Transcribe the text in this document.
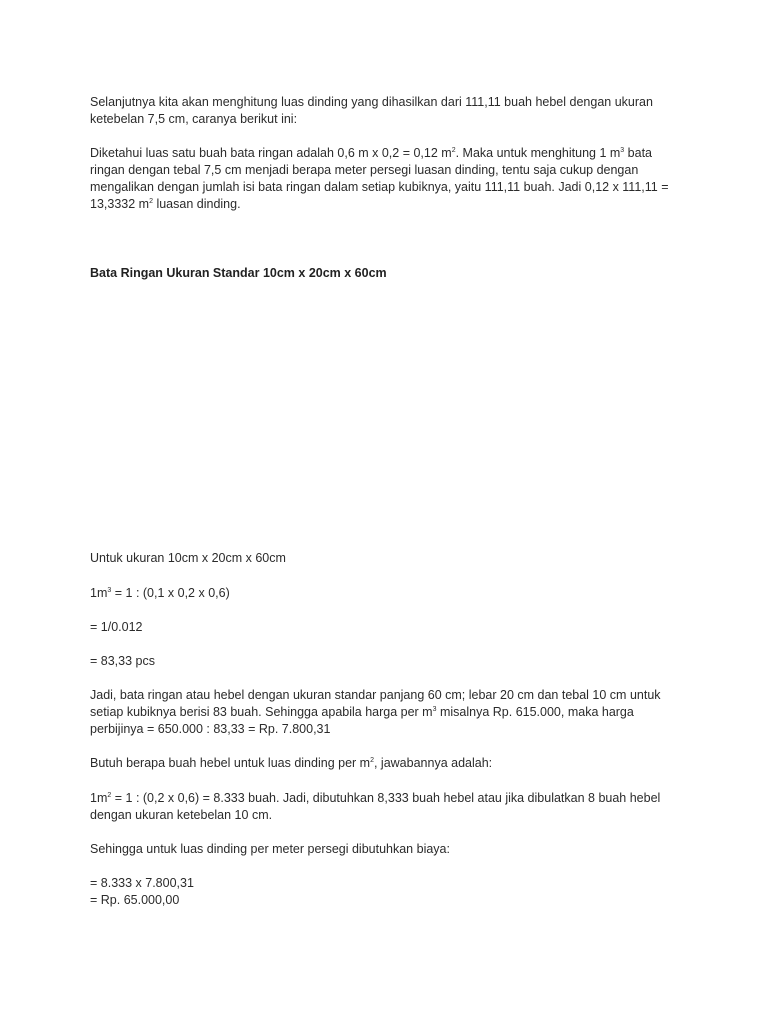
Selanjutnya kita akan menghitung luas dinding yang dihasilkan dari 111,11 buah hebel dengan ukuran ketebelan 7,5 cm, caranya berikut ini:

Diketahui luas satu buah bata ringan adalah 0,6 m x 0,2 = 0,12 $m^2$. Maka untuk menghitung 1 $m^3$ bata ringan dengan tebal 7,5 cm menjadi berapa meter persegi luasan dinding, tentu saja cukup dengan mengalikan dengan jumlah isi bata ringan dalam setiap kubiknya, yaitu 111,11 buah. Jadi 0,12 x 111,11 = 13,3332 $m^2$ luasan dinding.

Bata Ringan Ukuran Standar 10cm x 20cm x 60cm

Untuk ukuran 10cm x 20cm x 60cm

$1m^3 = 1$ : (0,1 x 0,2 x 0,6)

= 1/0.012

= 83,33 pcs

Jadi, bata ringan atau hebel dengan ukuran standar panjang 60 cm; lebar 20 cm dan tebal 10 cm untuk setiap kubiknya berisi 83 buah. Sehingga apabila harga per $m^3$ misalnya Rp. 615.000, maka harga perbijinya = 650.000 : 83,33 = Rp. 7.800,31

Butuh berapa buah hebel untuk luas dinding per $m^2$, jawabannya adalah:

$1m^2 = 1$ : (0,2 x 0,6) = 8.333 buah. Jadi, dibutuhkan 8,333 buah hebel atau jika dibulatkan 8 buah hebel dengan ukuran ketebelan 10 cm.

Sehingga untuk luas dinding per meter persegi dibutuhkan biaya:

= 8.333 x 7.800,31

= Rp. 65.000,00
